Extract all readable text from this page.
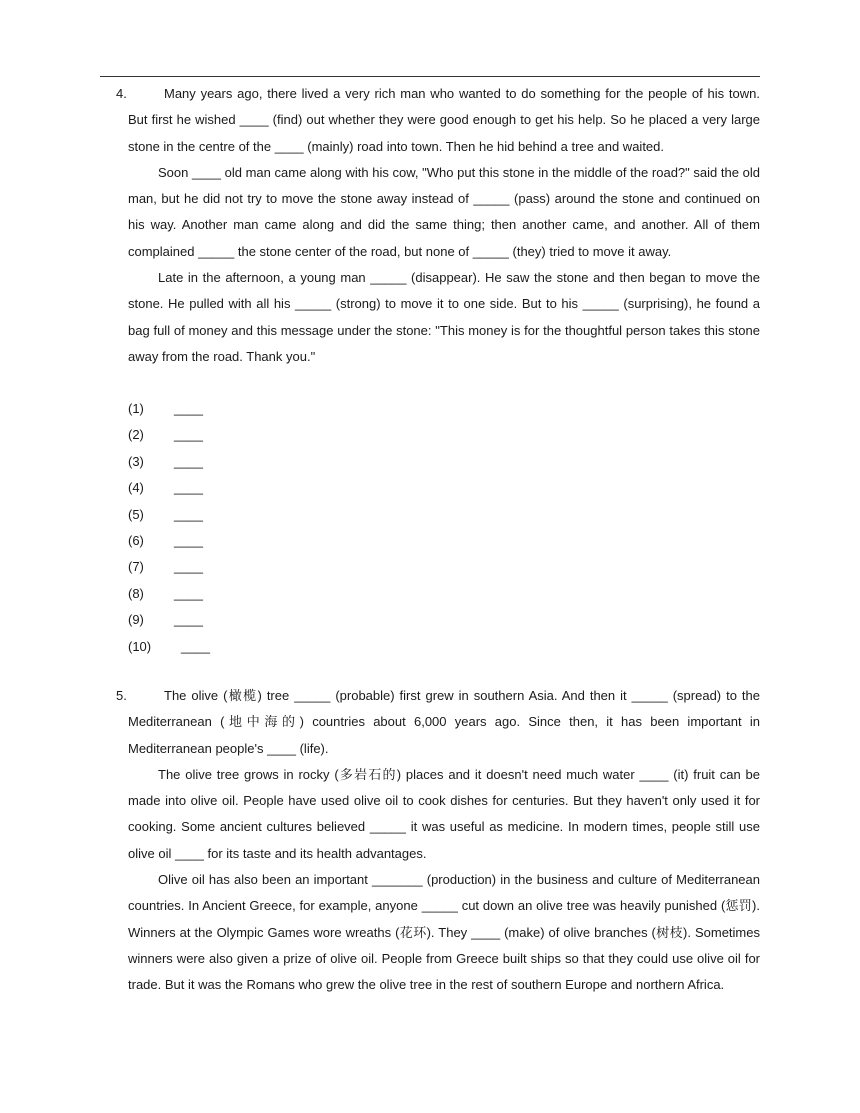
4.	Many years ago, there lived a very rich man who wanted to do something for the people of his town. But first he wished ____ (find) out whether they were good enough to get his help. So he placed a very large stone in the centre of the ____ (mainly) road into town. Then he hid behind a tree and waited.

Soon ____ old man came along with his cow, "Who put this stone in the middle of the road?" said the old man, but he did not try to move the stone away instead of _____ (pass) around the stone and continued on his way. Another man came along and did the same thing; then another came, and another. All of them complained _____ the stone center of the road, but none of _____ (they) tried to move it away.

Late in the afternoon, a young man _____ (disappear). He saw the stone and then began to move the stone. He pulled with all his _____ (strong) to move it to one side. But to his _____ (surprising), he found a bag full of money and this message under the stone: "This money is for the thoughtful person takes this stone away from the road. Thank you."

(1)	____
(2)	____
(3)	____
(4)	____
(5)	____
(6)	____
(7)	____
(8)	____
(9)	____
(10)	____
5.	The olive (橄榄) tree _____ (probable) first grew in southern Asia. And then it _____ (spread) to the Mediterranean (地中海的) countries about 6,000 years ago. Since then, it has been important in Mediterranean people's ____ (life).

The olive tree grows in rocky (多岩石的) places and it doesn't need much water ____ (it) fruit can be made into olive oil. People have used olive oil to cook dishes for centuries. But they haven't only used it for cooking. Some ancient cultures believed _____ it was useful as medicine. In modern times, people still use olive oil ____ for its taste and its health advantages.

Olive oil has also been an important _______ (production) in the business and culture of Mediterranean countries. In Ancient Greece, for example, anyone _____ cut down an olive tree was heavily punished (惩罚). Winners at the Olympic Games wore wreaths (花环). They ____ (make) of olive branches (树枝). Sometimes winners were also given a prize of olive oil. People from Greece built ships so that they could use olive oil for trade. But it was the Romans who grew the olive tree in the rest of southern Europe and northern Africa.
